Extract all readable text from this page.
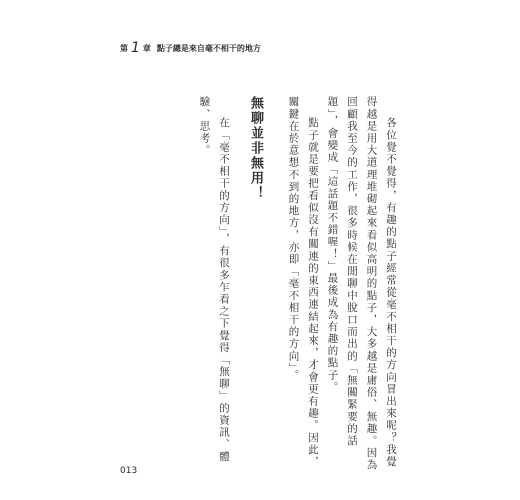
第 1 章 點子總是來自毫不相干的地方

各位覺不覺得，有趣的點子經常從毫不相干的方向冒出來呢？我覺得越是用大道理堆砌起來看似高明的點子，大多越是庸俗、無趣。因為回顧我至今的工作，很多時候在閒聊中脫口而出的「無關緊要的話題」，會變成「這話題不錯喔！」最後成為有趣的點子。

點子就是要把看似沒有關連的東西連結起來，才會更有趣。因此，關鍵在於意想不到的地方，亦即「毫不相干的方向」。

無聊並非無用！

在「毫不相干的方向」，有很多乍看之下覺得「無聊」的資訊、體驗、思考。

013
